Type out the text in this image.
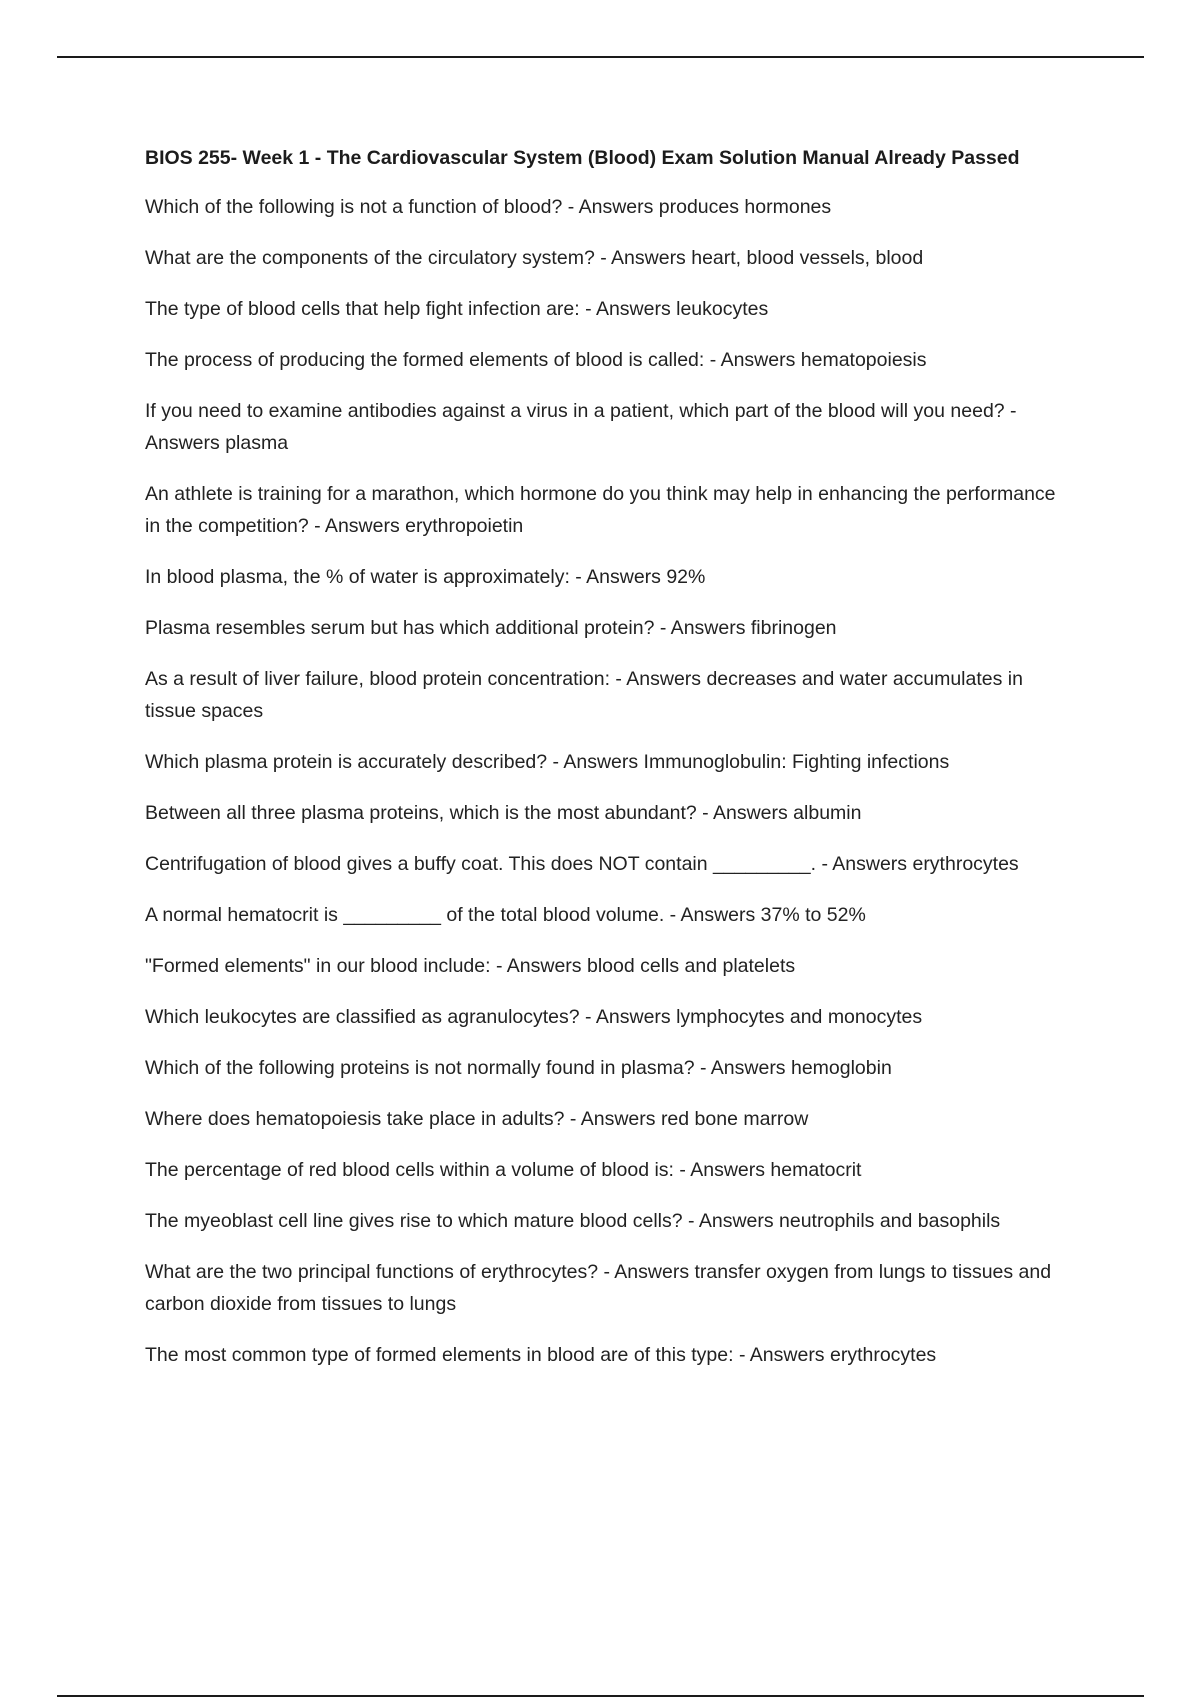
BIOS 255- Week 1 - The Cardiovascular System (Blood) Exam Solution Manual Already Passed
Which of the following is not a function of blood? - Answers produces hormones
What are the components of the circulatory system? - Answers heart, blood vessels, blood
The type of blood cells that help fight infection are: - Answers leukocytes
The process of producing the formed elements of blood is called: - Answers hematopoiesis
If you need to examine antibodies against a virus in a patient, which part of the blood will you need? - Answers plasma
An athlete is training for a marathon, which hormone do you think may help in enhancing the performance in the competition? - Answers erythropoietin
In blood plasma, the % of water is approximately: - Answers 92%
Plasma resembles serum but has which additional protein? - Answers fibrinogen
As a result of liver failure, blood protein concentration: - Answers decreases and water accumulates in tissue spaces
Which plasma protein is accurately described? - Answers Immunoglobulin: Fighting infections
Between all three plasma proteins, which is the most abundant? - Answers albumin
Centrifugation of blood gives a buffy coat. This does NOT contain _________. - Answers erythrocytes
A normal hematocrit is _________ of the total blood volume. - Answers 37% to 52%
"Formed elements" in our blood include: - Answers blood cells and platelets
Which leukocytes are classified as agranulocytes? - Answers lymphocytes and monocytes
Which of the following proteins is not normally found in plasma? - Answers hemoglobin
Where does hematopoiesis take place in adults? - Answers red bone marrow
The percentage of red blood cells within a volume of blood is: - Answers hematocrit
The myeoblast cell line gives rise to which mature blood cells? - Answers neutrophils and basophils
What are the two principal functions of erythrocytes? - Answers transfer oxygen from lungs to tissues and carbon dioxide from tissues to lungs
The most common type of formed elements in blood are of this type: - Answers erythrocytes
